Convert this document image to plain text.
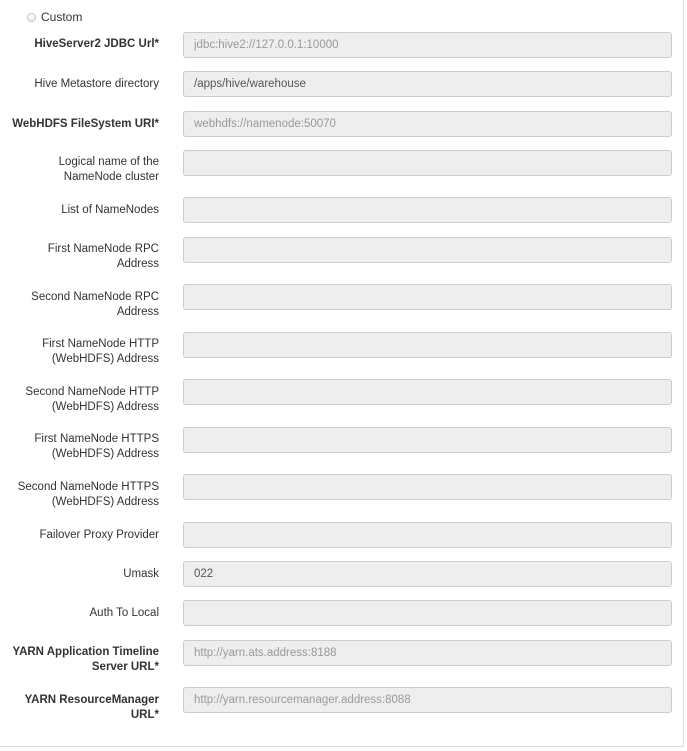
Custom
HiveServer2 JDBC Url*
jdbc:hive2://127.0.0.1:10000
Hive Metastore directory
/apps/hive/warehouse
WebHDFS FileSystem URI*
webhdfs://namenode:50070
Logical name of the NameNode cluster
List of NameNodes
First NameNode RPC Address
Second NameNode RPC Address
First NameNode HTTP (WebHDFS) Address
Second NameNode HTTP (WebHDFS) Address
First NameNode HTTPS (WebHDFS) Address
Second NameNode HTTPS (WebHDFS) Address
Failover Proxy Provider
Umask
022
Auth To Local
YARN Application Timeline Server URL*
http://yarn.ats.address:8188
YARN ResourceManager URL*
http://yarn.resourcemanager.address:8088
